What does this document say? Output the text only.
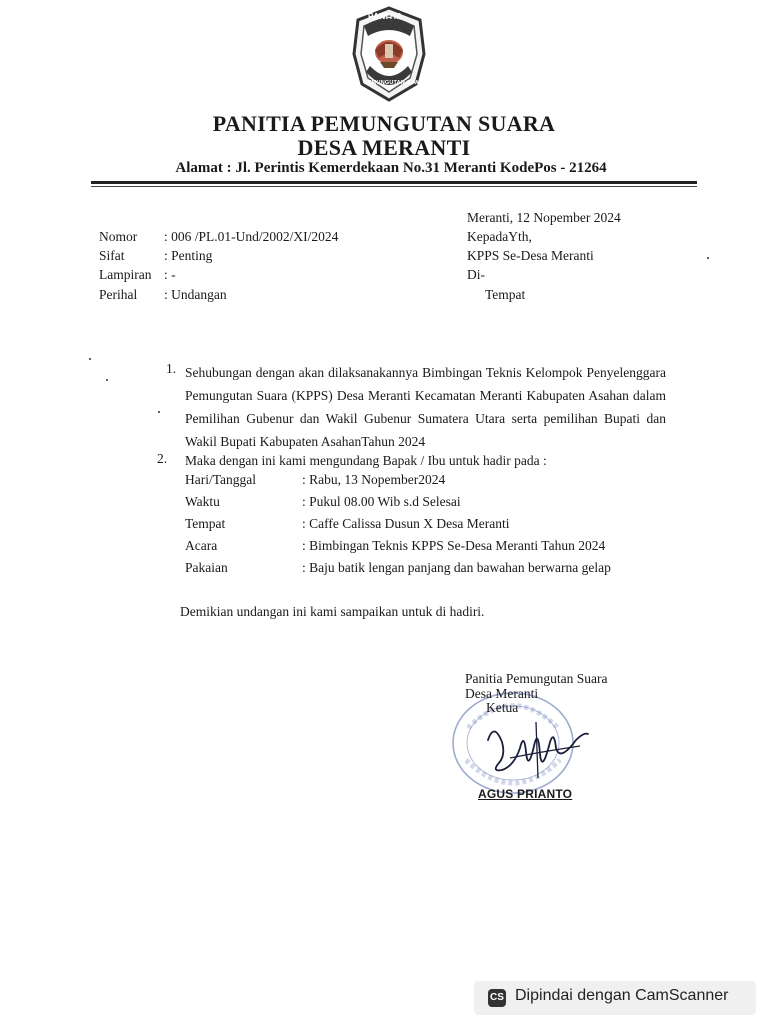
PANITIA
PEMUNGUTAN SUARA
PANITIA PEMUNGUTAN SUARA
DESA MERANTI
Alamat : Jl. Perintis Kemerdekaan No.31 Meranti KodePos - 21264
Nomor : 006 /PL.01-Und/2002/XI/2024
Sifat	: Penting
Lampiran : -
Perihal : Undangan
Meranti, 12 Nopember 2024
KepadaYth,
KPPS Se-Desa Meranti
Di-
Tempat
1. Sehubungan dengan akan dilaksanakannya Bimbingan Teknis Kelompok Penyelenggara Pemungutan Suara (KPPS) Desa Meranti Kecamatan Meranti Kabupaten Asahan dalam Pemilihan Gubenur dan Wakil Gubenur Sumatera Utara serta pemilihan Bupati dan Wakil Bupati Kabupaten AsahanTahun 2024
2. Maka dengan ini kami mengundang Bapak / Ibu untuk hadir pada :
Hari/Tanggal	: Rabu, 13 Nopember2024
Waktu	: Pukul 08.00 Wib s.d Selesai
Tempat	: Caffe Calissa Dusun X Desa Meranti
Acara	: Bimbingan Teknis KPPS Se-Desa Meranti Tahun 2024
Pakaian	: Baju batik lengan panjang dan bawahan berwarna gelap
Demikian undangan ini kami sampaikan untuk di hadiri.
Panitia Pemungutan Suara
Desa Meranti
Ketua
AGUS PRIANTO
CS Dipindai dengan CamScanner
